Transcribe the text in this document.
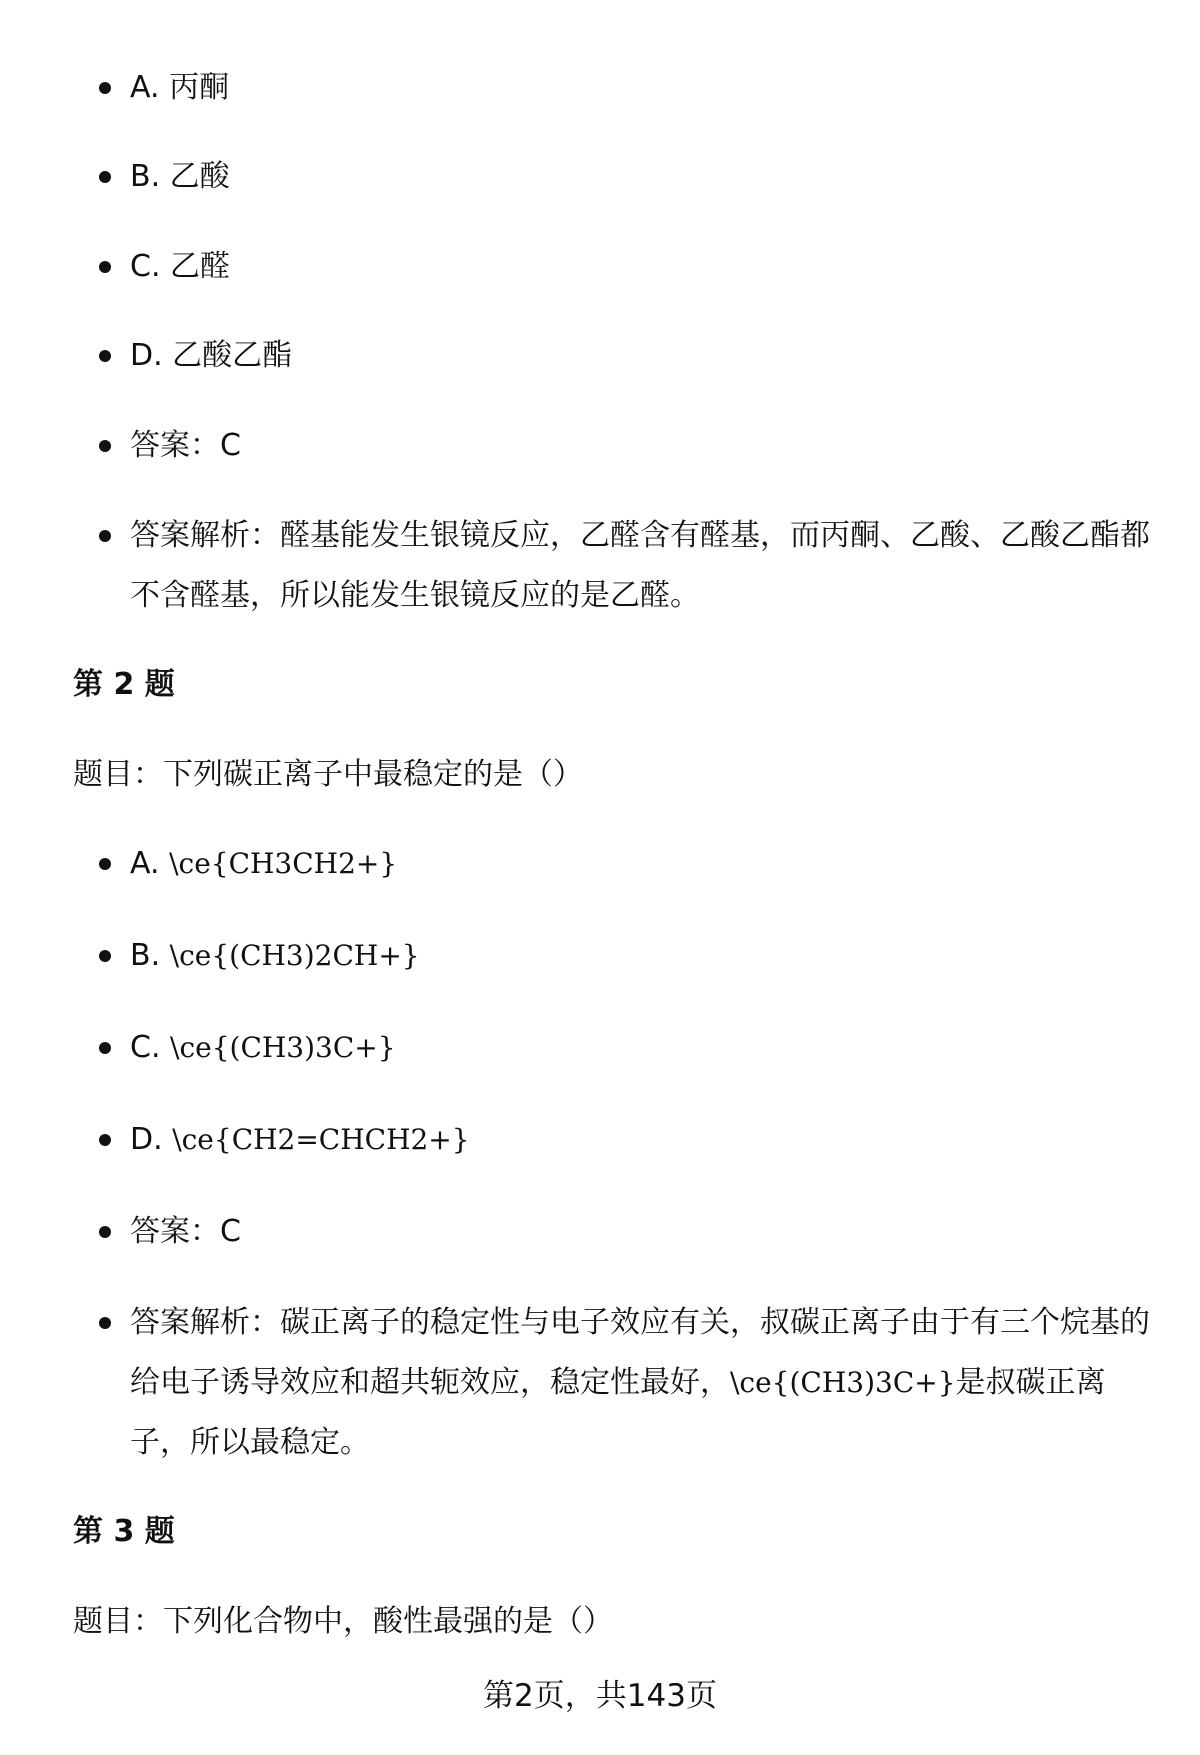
A. 丙酮
B. 乙酸
C. 乙醛
D. 乙酸乙酯
答案：C
答案解析：醛基能发生银镜反应，乙醛含有醛基，而丙酮、乙酸、乙酸乙酯都不含醛基，所以能发生银镜反应的是乙醛。
第 2 题

题目：下列碳正离子中最稳定的是（）

A. \ce{CH3CH2+}
B. \ce{(CH3)2CH+}
C. \ce{(CH3)3C+}
D. \ce{CH2=CHCH2+}
答案：C
答案解析：碳正离子的稳定性与电子效应有关，叔碳正离子由于有三个烷基的给电子诱导效应和超共轭效应，稳定性最好，\ce{(CH3)3C+}是叔碳正离子，所以最稳定。
第 3 题

题目：下列化合物中，酸性最强的是（）

第2页，共143页
